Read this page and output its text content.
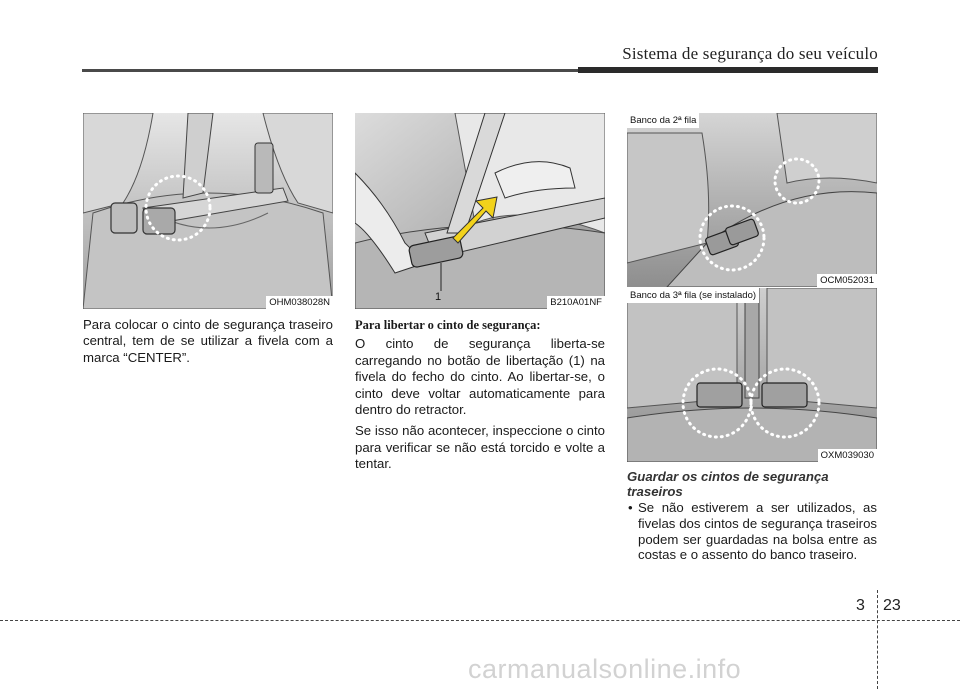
Sistema de segurança do seu veículo
OHM038028N	1	B210A01NF
Banco da 2ª fila
OCM052031
Banco da 3ª fila (se instalado)
OXM039030

Para colocar o cinto de segurança traseiro central, tem de se utilizar a fivela com a marca “CENTER”.

Para libertar o cinto de segurança:

O cinto de segurança liberta-se carregando no botão de libertação (1) na fivela do fecho do cinto. Ao libertar-se, o cinto deve voltar automaticamente para dentro do retractor.

Se isso não acontecer, inspeccione o cinto para verificar se não está torcido e volte a tentar.

Guardar os cintos de segurança traseiros
• Se não estiverem a ser utilizados, as fivelas dos cintos de segurança traseiros podem ser guardadas na bolsa entre as costas e o assento do banco traseiro.
3 23
carmanualsonline.info
